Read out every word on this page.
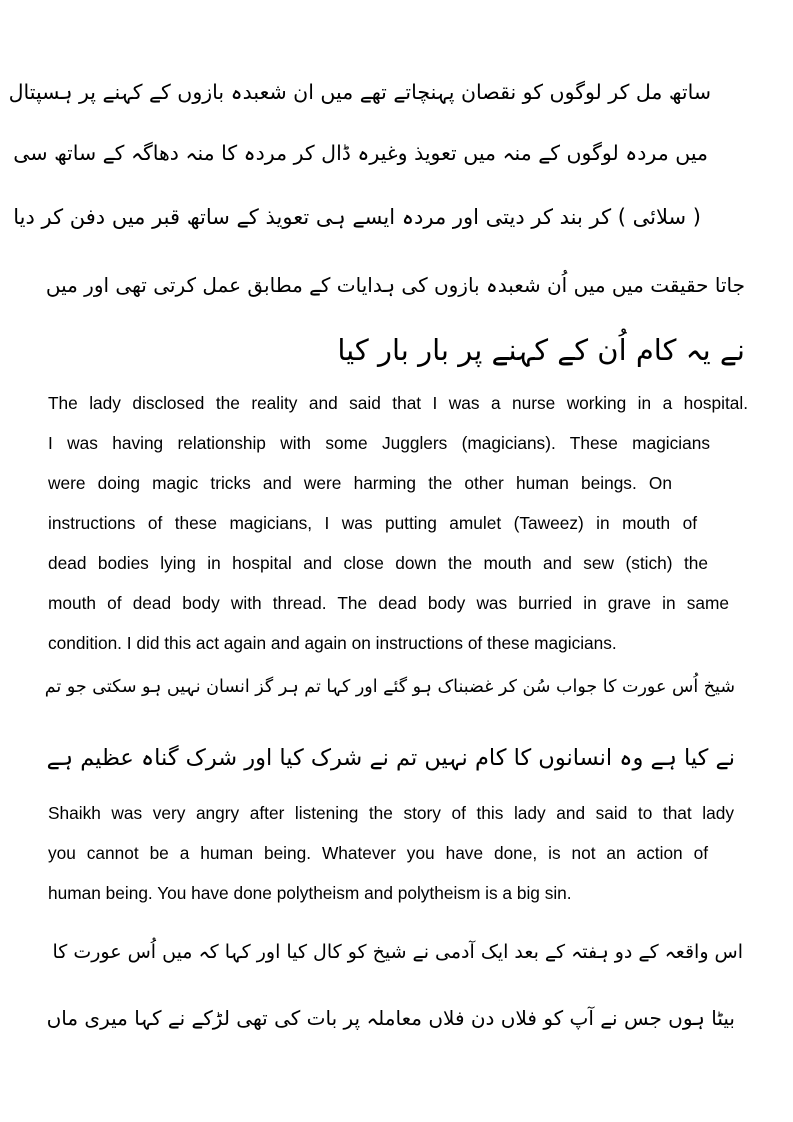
ساتھ مل کر لوگوں کو نقصان پہنچاتے تھے میں ان شعبدہ بازوں کے کہنے پر ہسپتال
میں مردہ لوگوں کے منہ میں تعویذ وغیرہ ڈال کر مردہ کا منہ دھاگہ کے ساتھ سی
( سلائی ) کر بند کر دیتی اور مردہ ایسے ہی تعویذ کے ساتھ قبر میں دفن کر دیا
جاتا حقیقت میں میں اُن شعبدہ بازوں کی ہدایات کے مطابق عمل کرتی تھی اور میں
نے یہ کام اُن کے کہنے پر بار بار کیا
The lady disclosed the reality and said that I was a nurse working in a hospital.
I was having relationship with some Jugglers (magicians). These magicians
were doing magic tricks and were harming the other human beings. On
instructions of these magicians, I was putting amulet (Taweez) in mouth of
dead bodies lying in hospital and close down the mouth and sew (stich) the
mouth of dead body with thread. The dead body was burried in grave in same
condition. I did this act again and again on instructions of these magicians.
شیخ اُس عورت کا جواب سُن کر غضبناک ہو گئے اور کہا تم ہر گز انسان نہیں ہو سکتی جو تم
نے کیا ہے وہ انسانوں کا کام نہیں تم نے شرک کیا اور شرک گناہ عظیم ہے
Shaikh was very angry after listening the story of this lady and said to that lady
you cannot be a human being. Whatever you have done, is not an action of
human being. You have done polytheism and polytheism is a big sin.
اس واقعہ کے دو ہفتہ کے بعد ایک آدمی نے شیخ کو کال کیا اور کہا کہ میں اُس عورت کا
بیٹا ہوں جس نے آپ کو فلاں دن فلاں معاملہ پر بات کی تھی لڑکے نے کہا میری ماں
